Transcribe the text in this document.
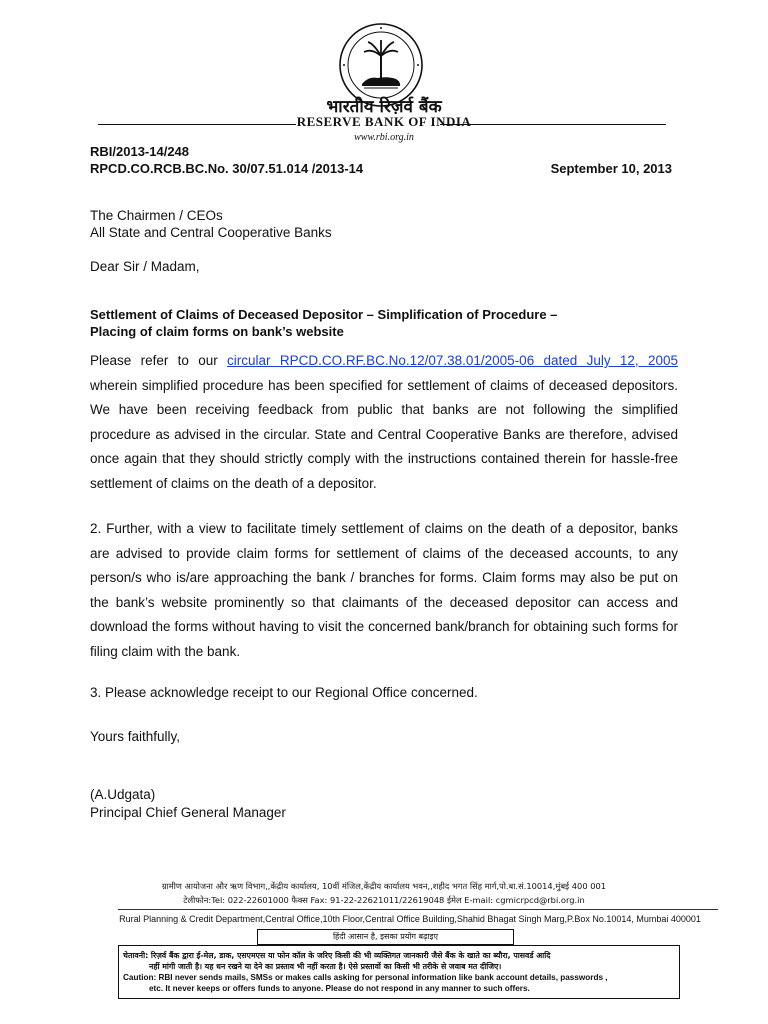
भारतीय रिज़र्व बैंक
RESERVE BANK OF INDIA
www.rbi.org.in
RBI/2013-14/248
RPCD.CO.RCB.BC.No. 30/07.51.014 /2013-14	September 10, 2013
The Chairmen / CEOs
All State and Central Cooperative Banks
Dear Sir / Madam,
Settlement of Claims of Deceased Depositor – Simplification of Procedure –
Placing of claim forms on bank’s website
Please refer to our circular RPCD.CO.RF.BC.No.12/07.38.01/2005-06 dated July 12, 2005 wherein simplified procedure has been specified for settlement of claims of deceased depositors. We have been receiving feedback from public that banks are not following the simplified procedure as advised in the circular. State and Central Cooperative Banks are therefore, advised once again that they should strictly comply with the instructions contained therein for hassle-free settlement of claims on the death of a depositor.
2. Further, with a view to facilitate timely settlement of claims on the death of a depositor, banks are advised to provide claim forms for settlement of claims of the deceased accounts, to any person/s who is/are approaching the bank / branches for forms. Claim forms may also be put on the bank’s website prominently so that claimants of the deceased depositor can access and download the forms without having to visit the concerned bank/branch for obtaining such forms for filing claim with the bank.
3. Please acknowledge receipt to our Regional Office concerned.
Yours faithfully,
(A.Udgata)
Principal Chief General Manager
ग्रामीण आयोजना और ऋण विभाग,,केंद्रीय कार्यालय, 10वीं मंजिल,केंद्रीय कार्यालय भवन,,शहीद भगत सिंह मार्ग,पो.बा.सं.10014,मुंबई 400 001
टेलीफोन:Tel: 022-22601000 फैक्स Fax: 91-22-22621011/22619048 ईमेल E-mail: cgmicrpcd@rbi.org.in
Rural Planning & Credit Department,Central Office,10th Floor,Central Office Building,Shahid Bhagat Singh Marg,P.Box No.10014, Mumbai 400001
हिंदी आसान है, इसका प्रयोग बढ़ाइए
चेतावनी: रिज़र्व बैंक द्वारा ई-मेल, डाक, एसएमएस या फोन कॉल के जरिए किसी की भी व्यक्तिगत जानकारी जैसे बैंक के खाते का ब्यौरा, पासवर्ड आदि
नहीं मांगी जाती है। यह धन रखने या देने का प्रस्ताव भी नहीं करता है। ऐसे प्रस्तावों का किसी भी तरीके से जवाब मत दीजिए।
Caution: RBI never sends mails, SMSs or makes calls asking for personal information like bank account details, passwords ,
etc. It never keeps or offers funds to anyone. Please do not respond in any manner to such offers.
